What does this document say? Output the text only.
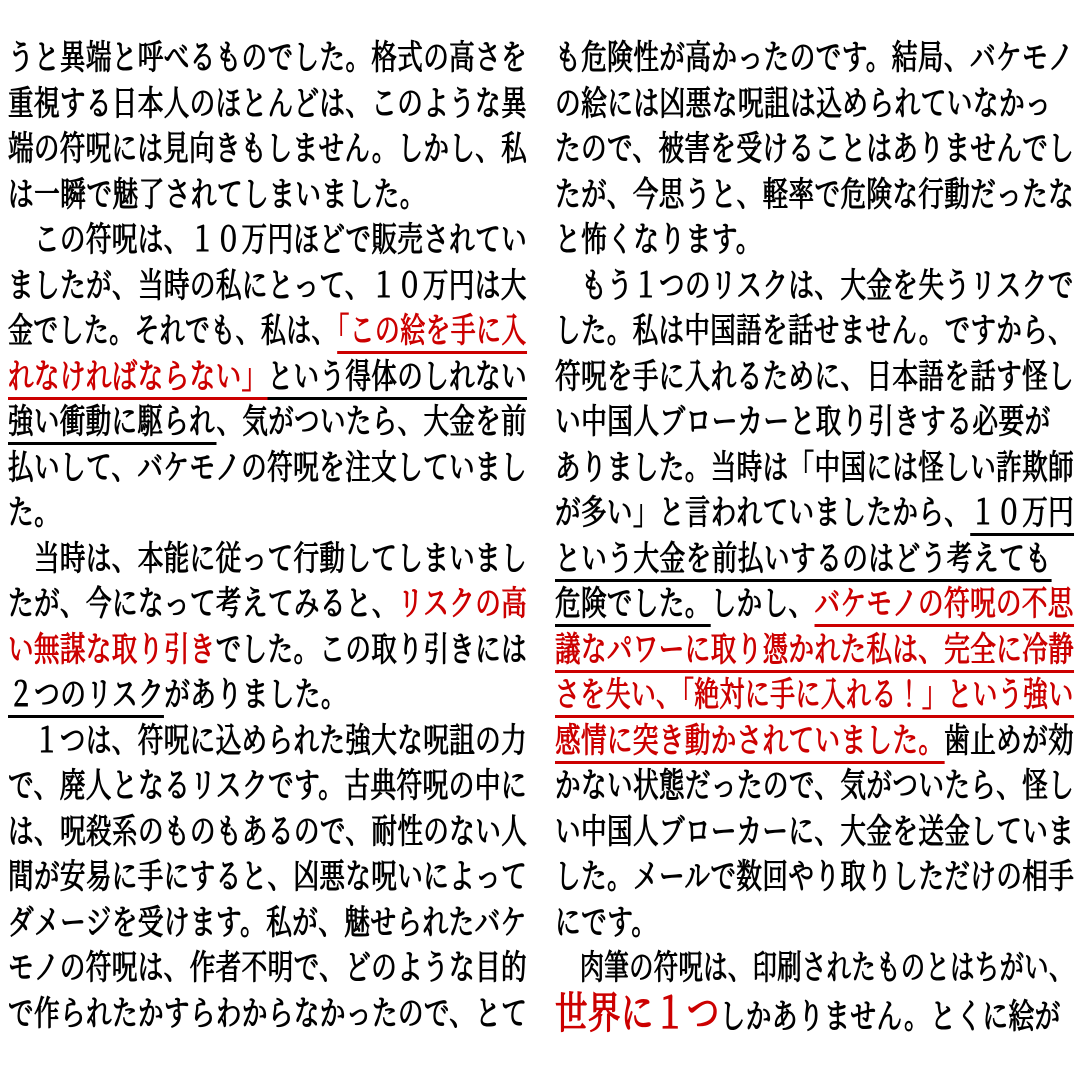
うと異端と呼べるものでした。格式の高さを
重視する日本人のほとんどは、このような異
端の符呪には見向きもしません。しかし、私
は一瞬で魅了されてしまいました。
　この符呪は、１０万円ほどで販売されてい
ましたが、当時の私にとって、１０万円は大
金でした。それでも、私は、「この絵を手に入
れなければならない」という得体のしれない
強い衝動に駆られ、気がついたら、大金を前
払いして、バケモノの符呪を注文していまし
た。
　当時は、本能に従って行動してしまいまし
たが、今になって考えてみると、リスクの高
い無謀な取り引きでした。この取り引きには
２つのリスクがありました。
　１つは、符呪に込められた強大な呪詛の力
で、廃人となるリスクです。古典符呪の中に
は、呪殺系のものもあるので、耐性のない人
間が安易に手にすると、凶悪な呪いによって
ダメージを受けます。私が、魅せられたバケ
モノの符呪は、作者不明で、どのような目的
で作られたかすらわからなかったので、とて
も危険性が高かったのです。結局、バケモノ
の絵には凶悪な呪詛は込められていなかっ
たので、被害を受けることはありませんでし
たが、今思うと、軽率で危険な行動だったな
と怖くなります。
　もう１つのリスクは、大金を失うリスクで
した。私は中国語を話せません。ですから、
符呪を手に入れるために、日本語を話す怪し
い中国人ブローカーと取り引きする必要が
ありました。当時は「中国には怪しい詐欺師
が多い」と言われていましたから、１０万円
という大金を前払いするのはどう考えても
危険でした。しかし、バケモノの符呪の不思
議なパワーに取り憑かれた私は、完全に冷静
さを失い、「絶対に手に入れる！」という強い
感情に突き動かされていました。歯止めが効
かない状態だったので、気がついたら、怪し
い中国人ブローカーに、大金を送金していま
した。メールで数回やり取りしただけの相手
にです。
　肉筆の符呪は、印刷されたものとはちがい、
世界に１つしかありません。とくに絵が
